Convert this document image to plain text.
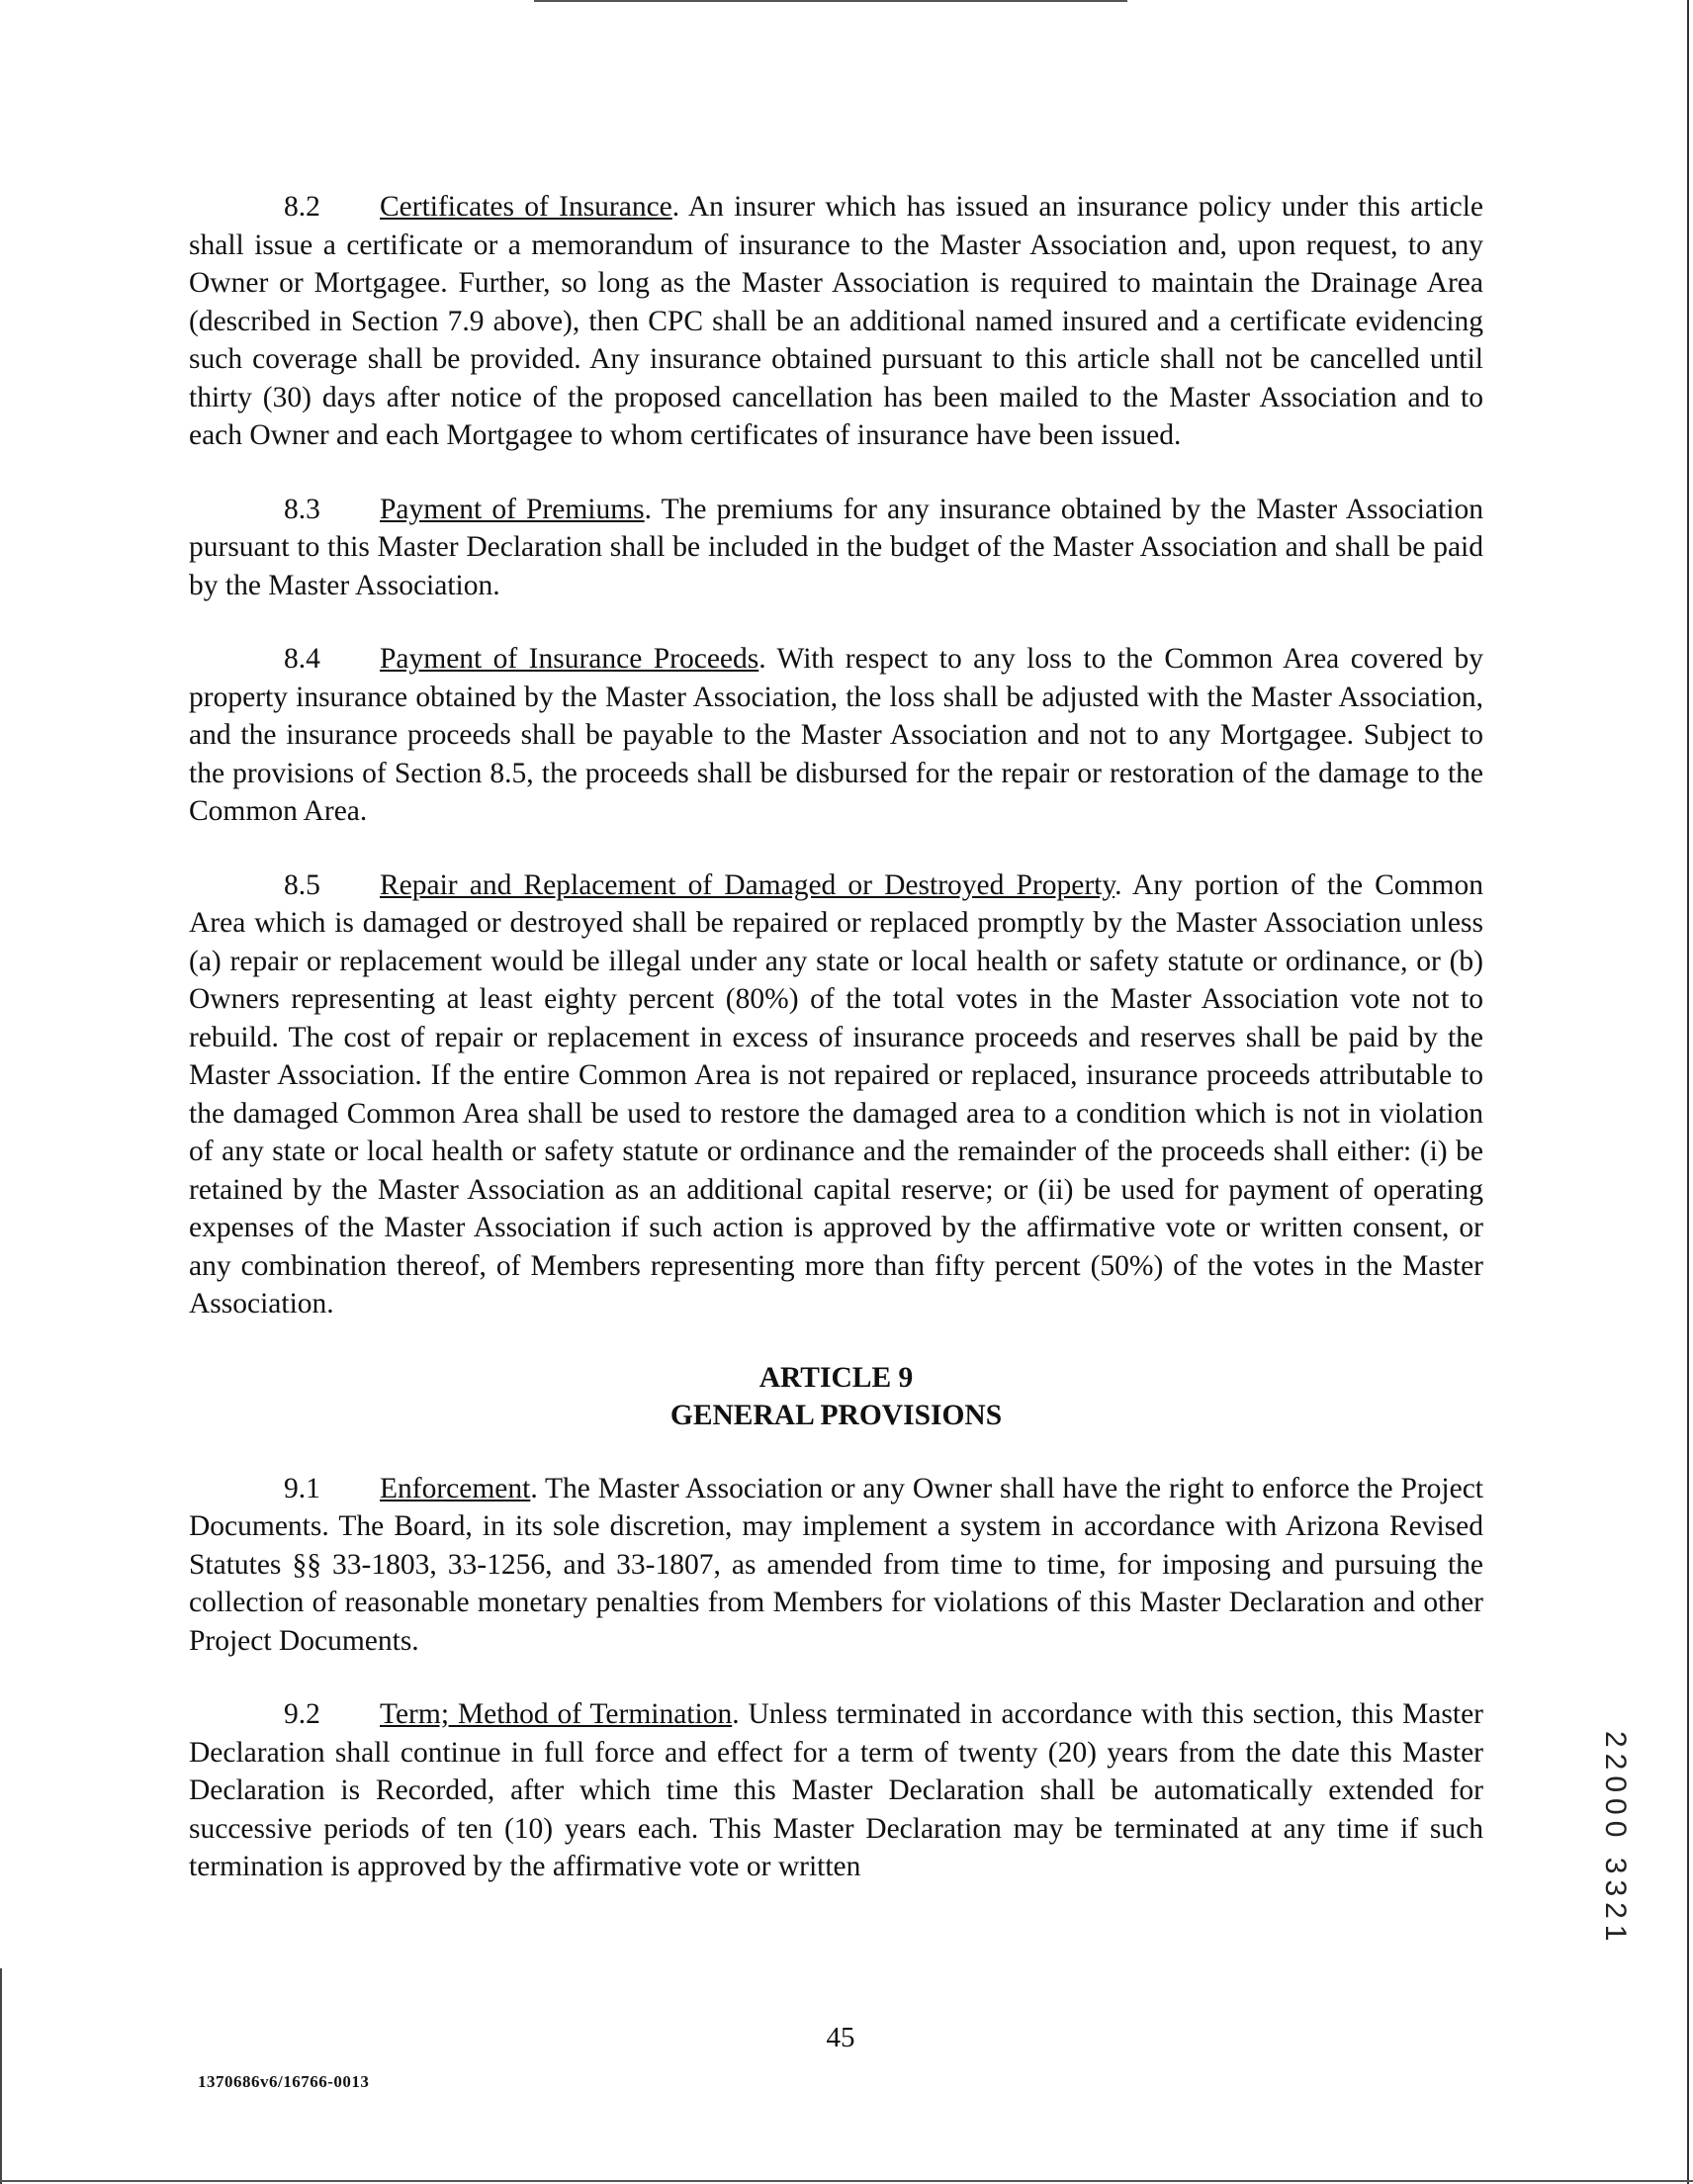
8.2 Certificates of Insurance. An insurer which has issued an insurance policy under this article shall issue a certificate or a memorandum of insurance to the Master Association and, upon request, to any Owner or Mortgagee. Further, so long as the Master Association is required to maintain the Drainage Area (described in Section 7.9 above), then CPC shall be an additional named insured and a certificate evidencing such coverage shall be provided. Any insurance obtained pursuant to this article shall not be cancelled until thirty (30) days after notice of the proposed cancellation has been mailed to the Master Association and to each Owner and each Mortgagee to whom certificates of insurance have been issued.

8.3 Payment of Premiums. The premiums for any insurance obtained by the Master Association pursuant to this Master Declaration shall be included in the budget of the Master Association and shall be paid by the Master Association.

8.4 Payment of Insurance Proceeds. With respect to any loss to the Common Area covered by property insurance obtained by the Master Association, the loss shall be adjusted with the Master Association, and the insurance proceeds shall be payable to the Master Association and not to any Mortgagee. Subject to the provisions of Section 8.5, the proceeds shall be disbursed for the repair or restoration of the damage to the Common Area.

8.5 Repair and Replacement of Damaged or Destroyed Property. Any portion of the Common Area which is damaged or destroyed shall be repaired or replaced promptly by the Master Association unless (a) repair or replacement would be illegal under any state or local health or safety statute or ordinance, or (b) Owners representing at least eighty percent (80%) of the total votes in the Master Association vote not to rebuild. The cost of repair or replacement in excess of insurance proceeds and reserves shall be paid by the Master Association. If the entire Common Area is not repaired or replaced, insurance proceeds attributable to the damaged Common Area shall be used to restore the damaged area to a condition which is not in violation of any state or local health or safety statute or ordinance and the remainder of the proceeds shall either: (i) be retained by the Master Association as an additional capital reserve; or (ii) be used for payment of operating expenses of the Master Association if such action is approved by the affirmative vote or written consent, or any combination thereof, of Members representing more than fifty percent (50%) of the votes in the Master Association.

ARTICLE 9
GENERAL PROVISIONS

9.1 Enforcement. The Master Association or any Owner shall have the right to enforce the Project Documents. The Board, in its sole discretion, may implement a system in accordance with Arizona Revised Statutes §§ 33-1803, 33-1256, and 33-1807, as amended from time to time, for imposing and pursuing the collection of reasonable monetary penalties from Members for violations of this Master Declaration and other Project Documents.

9.2 Term; Method of Termination. Unless terminated in accordance with this section, this Master Declaration shall continue in full force and effect for a term of twenty (20) years from the date this Master Declaration is Recorded, after which time this Master Declaration shall be automatically extended for successive periods of ten (10) years each. This Master Declaration may be terminated at any time if such termination is approved by the affirmative vote or written	22000 3321
45
1370686v6/16766-0013
